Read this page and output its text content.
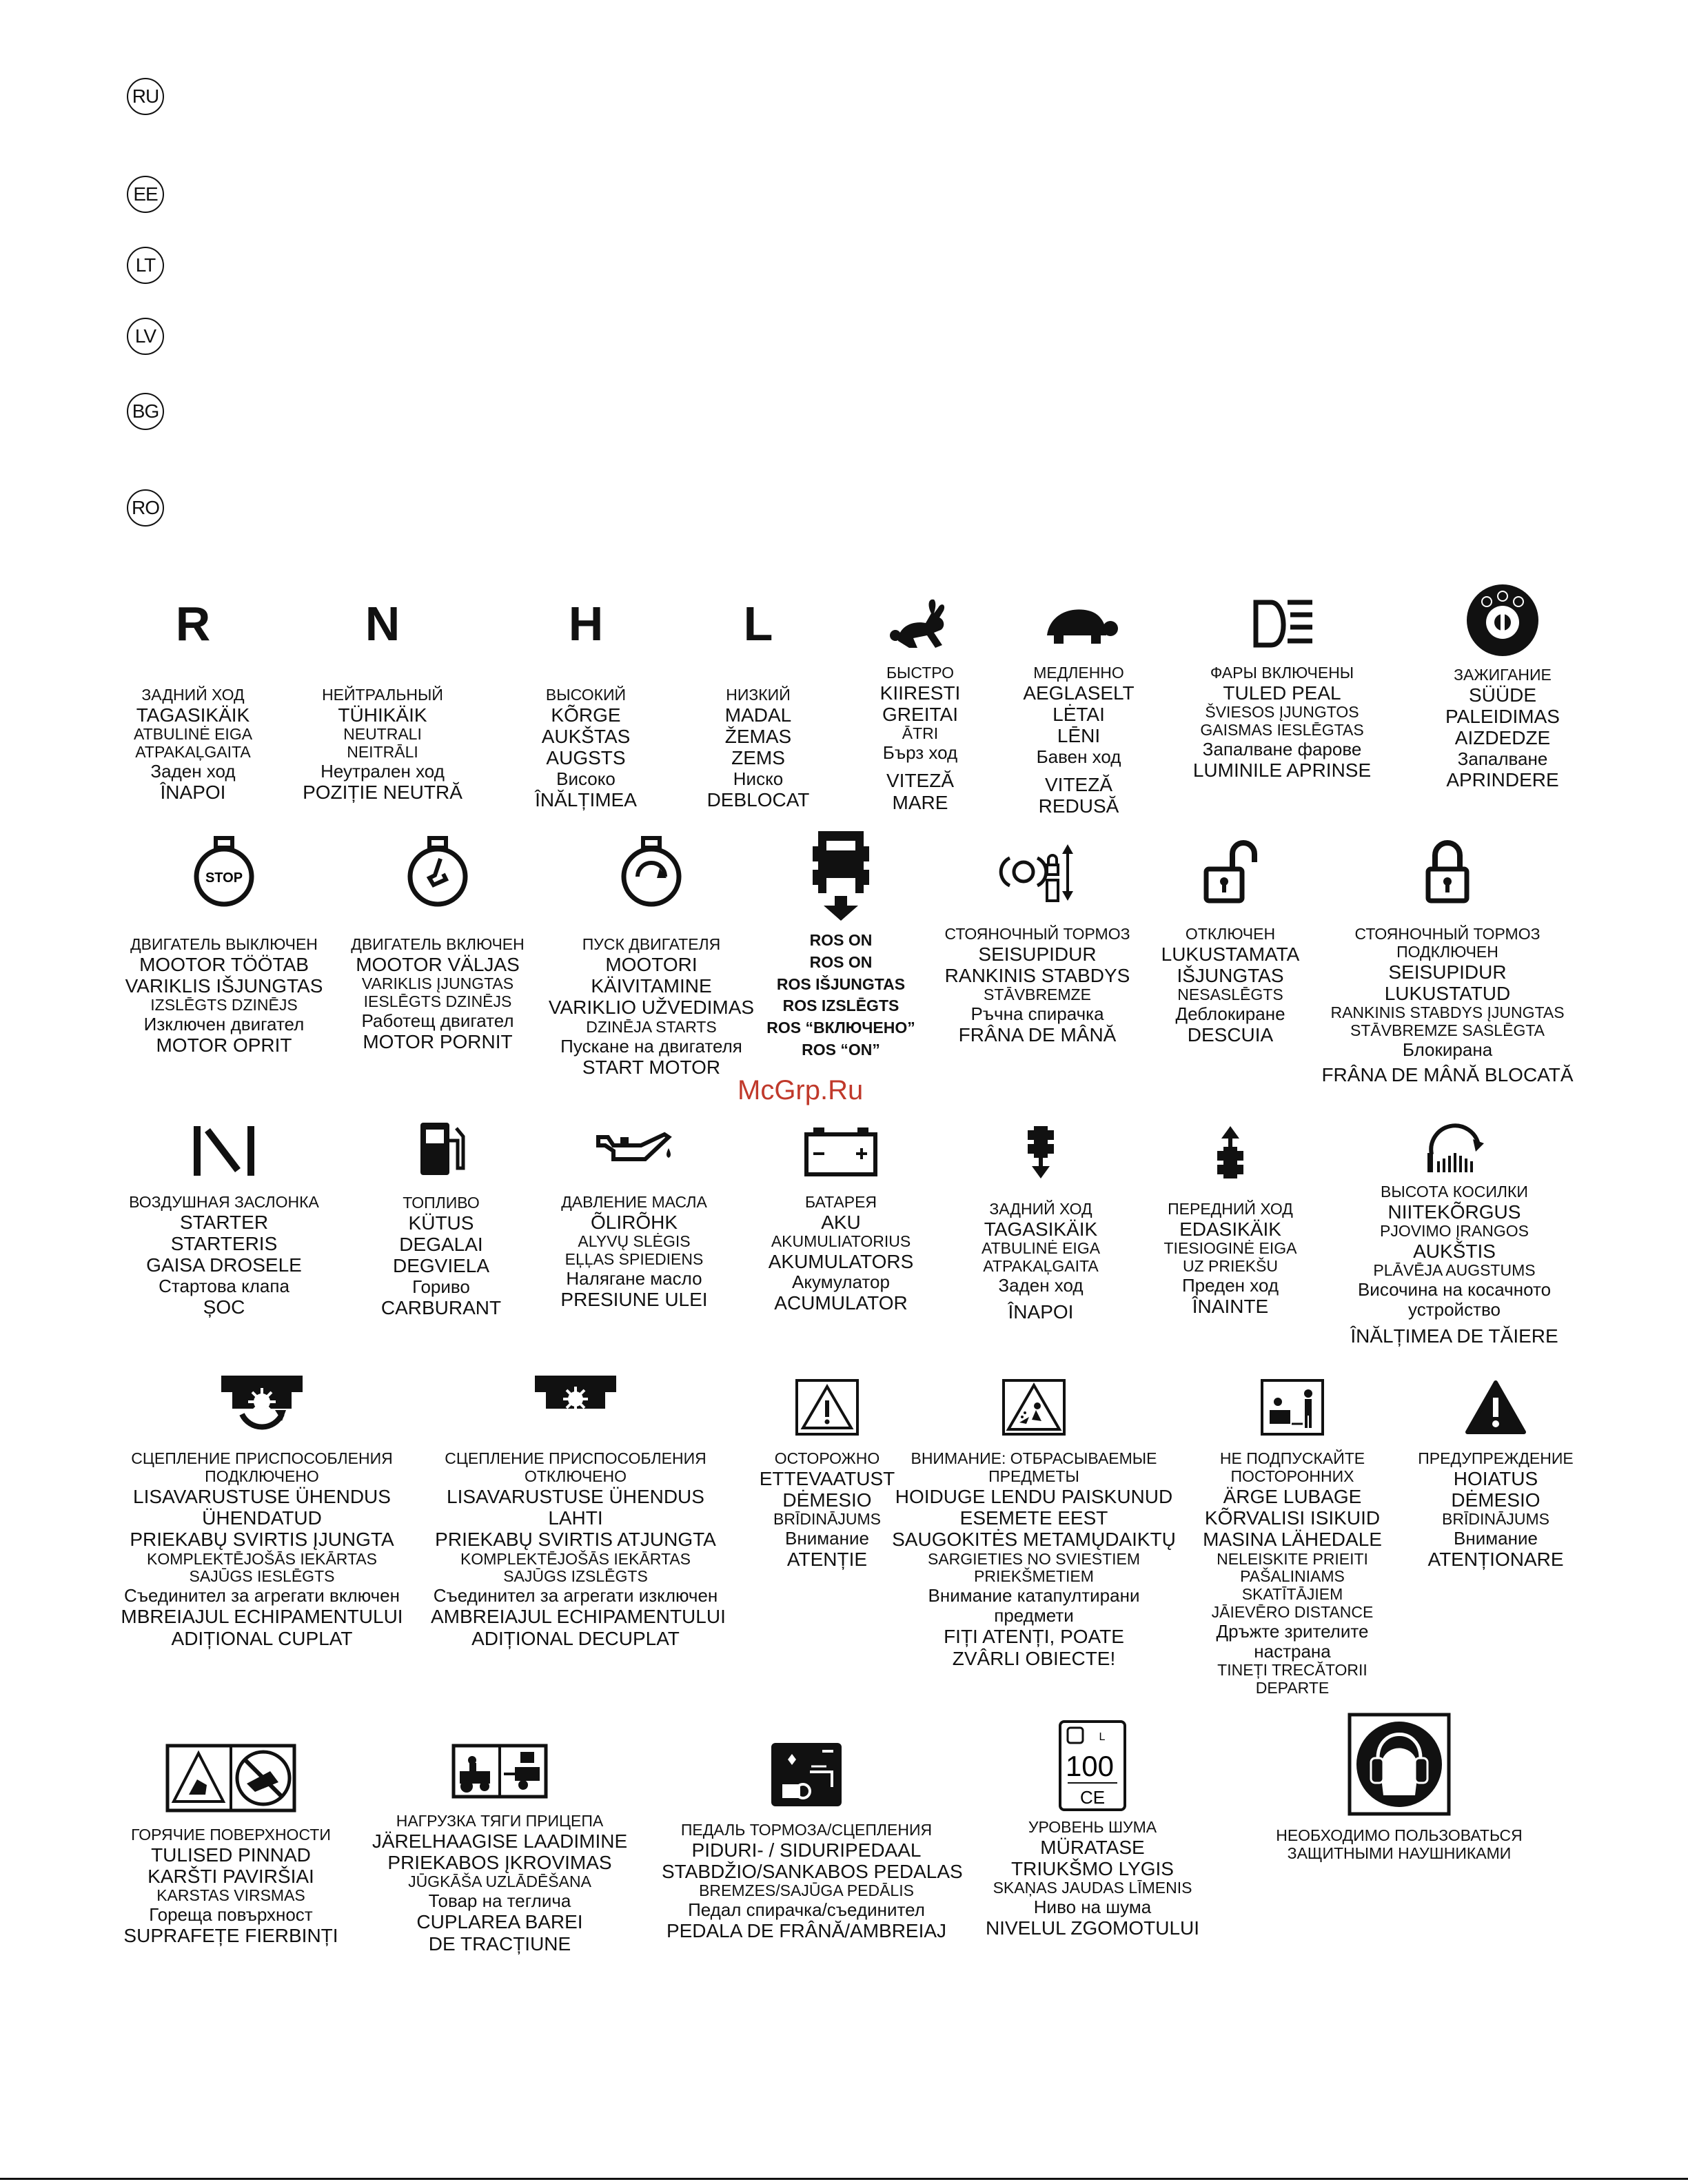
RU
EE
LT
LV
BG
RO
R
ЗАДНИЙ ХОД
TAGASIKÄIK
ATBULINĖ EIGA
ATPAKAĻGAITA
Заден ход
ÎNAPOI
N
НЕЙТРАЛЬНЫЙ
TÜHIKÄIK
NEUTRALI
NEITRĀLI
Неутрален ход
POZIȚIE NEUTRĂ
H
ВЫСОКИЙ
KÕRGE
AUKŠTAS
AUGSTS
Високо
ÎNĂLȚIMEA
L
НИЗКИЙ
MADAL
ŽEMAS
ZEMS
Ниско
DEBLOCAT
БЫСТРО
KIIRESTI
GREITAI
ĀTRI
Бърз ход
VITEZĂ
MARE
МЕДЛЕННО
AEGLASELT
LĖTAI
LĒNI
Бавен ход
VITEZĂ
REDUSĂ
ФАРЫ ВКЛЮЧЕНЫ
TULED PEAL
ŠVIESOS ĮJUNGTOS
GAISMAS IESLĒGTAS
Запалване фарове
LUMINILE APRINSE
ЗАЖИГАНИЕ
SÜÜDE
PALEIDIMAS
AIZDEDZE
Запалване
APRINDERE
STOP
ДВИГАТЕЛЬ ВЫКЛЮЧЕН
MOOTOR TÖÖTAB
VARIKLIS IŠJUNGTAS
IZSLĒGTS DZINĒJS
Изключен двигател
MOTOR OPRIT
ДВИГАТЕЛЬ ВКЛЮЧЕН
MOOTOR VÄLJAS
VARIKLIS ĮJUNGTAS
IESLĒGTS DZINĒJS
Работещ двигател
MOTOR PORNIT
ПУСК ДВИГАТЕЛЯ
MOOTORI
KÄIVITAMINE
VARIKLIO UŽVEDIMAS
DZINĒJA STARTS
Пускане на двигателя
START MOTOR
ROS ON
ROS ON
ROS IŠJUNGTAS
ROS IZSLĒGTS
ROS “ВКЛЮЧЕНО”
ROS “ON”
СТОЯНОЧНЫЙ ТОРМОЗ
SEISUPIDUR
RANKINIS STABDYS
STĀVBREMZE
Ръчна спирачка
FRÂNA DE MÂNĂ
ОТКЛЮЧЕН
LUKUSTAMATA
IŠJUNGTAS
NESASLĒGTS
Деблокиране
DESCUIA
СТОЯНОЧНЫЙ ТОРМОЗ
ПОДКЛЮЧЕН
SEISUPIDUR
LUKUSTATUD
RANKINIS STABDYS ĮJUNGTAS
STĀVBREMZE SASLĒGTA
Блокирана
FRÂNA DE MÂNĂ BLOCATĂ
McGrp.Ru
ВОЗДУШНАЯ ЗАСЛОНКА
STARTER
STARTERIS
GAISA DROSELE
Стартова клапа
ȘOC
ТОПЛИВО
KÜTUS
DEGALAI
DEGVIELA
Гориво
CARBURANT
ДАВЛЕНИЕ МАСЛА
ÕLIRÕHK
ALYVŲ SLĖGIS
EĻĻAS SPIEDIENS
Налягане масло
PRESIUNE ULEI
БАТАРЕЯ
AKU
AKUMULIATORIUS
AKUMULATORS
Акумулатор
ACUMULATOR
ЗАДНИЙ ХОД
TAGASIKÄIK
ATBULINĖ EIGA
ATPAKAĻGAITA
Заден ход
ÎNAPOI
ПЕРЕДНИЙ ХОД
EDASIKÄIK
TIESIOGINĖ EIGA
UZ PRIEKŠU
Преден ход
ÎNAINTE
ВЫСОТА КОСИЛКИ
NIITEKÕRGUS
PJOVIMO ĮRANGOS
AUKŠTIS
PLĀVĒJA AUGSTUMS
Височина на косачното
устройство
ÎNĂLȚIMEA DE TĂIERE
СЦЕПЛЕНИЕ ПРИСПОСОБЛЕНИЯ
ПОДКЛЮЧЕНО
LISAVARUSTUSE ÜHENDUS
ÜHENDATUD
PRIEKABŲ SVIRTIS ĮJUNGTA
KOMPLEKTĒJOŠĀS IEKĀRTAS
SAJŪGS IESLĒGTS
Съединител за агрегати включен
MBREIAJUL ECHIPAMENTULUI
ADIȚIONAL CUPLAT
СЦЕПЛЕНИЕ ПРИСПОСОБЛЕНИЯ
ОТКЛЮЧЕНО
LISAVARUSTUSE ÜHENDUS
LAHTI
PRIEKABŲ SVIRTIS ATJUNGTA
KOMPLEKTĒJOŠĀS IEKĀRTAS
SAJŪGS IZSLĒGTS
Съединител за агрегати изключен
AMBREIAJUL ECHIPAMENTULUI
ADIȚIONAL DECUPLAT
ОСТОРОЖНО
ETTEVAATUST
DĖMESIO
BRĪDINĀJUMS
Внимание
ATENȚIE
ВНИМАНИЕ: ОТБРАСЫВАЕМЫЕ
ПРЕДМЕТЫ
HOIDUGE LENDU PAISKUNUD
ESEMETE EEST
SAUGOKITĖS METAMŲDAIKTŲ
SARGIETIES NO SVIESTIEM
PRIEKŠMETIEM
Внимание катапултирани
предмети
FIȚI ATENȚI, POATE
ZVÂRLI OBIECTE!
НЕ ПОДПУСКАЙТЕ
ПОСТОРОННИХ
ÄRGE LUBAGE
KÕRVALISI ISIKUID
MASINA LÄHEDALE
NELEISKITE PRIEITI
PAŠALINIAMS
SKATĪTĀJIEM
JĀIEVĒRO DISTANCE
Дръжте зрителите
настрана
TINEȚI TRECĂTORII
DEPARTE
ПРЕДУПРЕЖДЕНИЕ
HOIATUS
DĖMESIO
BRĪDINĀJUMS
Внимание
ATENȚIONARE
ГОРЯЧИЕ ПОВЕРХНОСТИ
TULISED PINNAD
KARŠTI PAVIRŠIAI
KARSTAS VIRSMAS
Гореща повърхност
SUPRAFEȚE FIERBINȚI
НАГРУЗКА ТЯГИ ПРИЦЕПА
JÄRELHAAGISE LAADIMINE
PRIEKABOS ĮKROVIMAS
JŪGKĀŠA UZLĀDĒŠANA
Товар на теглича
CUPLAREA BAREI
DE TRACȚIUNE
ПЕДАЛЬ ТОРМОЗА/СЦЕПЛЕНИЯ
PIDURI- / SIDURIPEDAAL
STABDŽIO/SANKABOS PEDALAS
BREMZES/SAJŪGA PEDĀLIS
Педал спирачка/съединител
PEDALA DE FRÂNĂ/AMBREIAJ
L
100
CE
УРОВЕНЬ ШУМА
MÜRATASE
TRIUKŠMO LYGIS
SKAŅAS JAUDAS LĪMENIS
Ниво на шума
NIVELUL ZGOMOTULUI
НЕОБХОДИМО ПОЛЬЗОВАТЬСЯ
ЗАЩИТНЫМИ НАУШНИКАМИ
